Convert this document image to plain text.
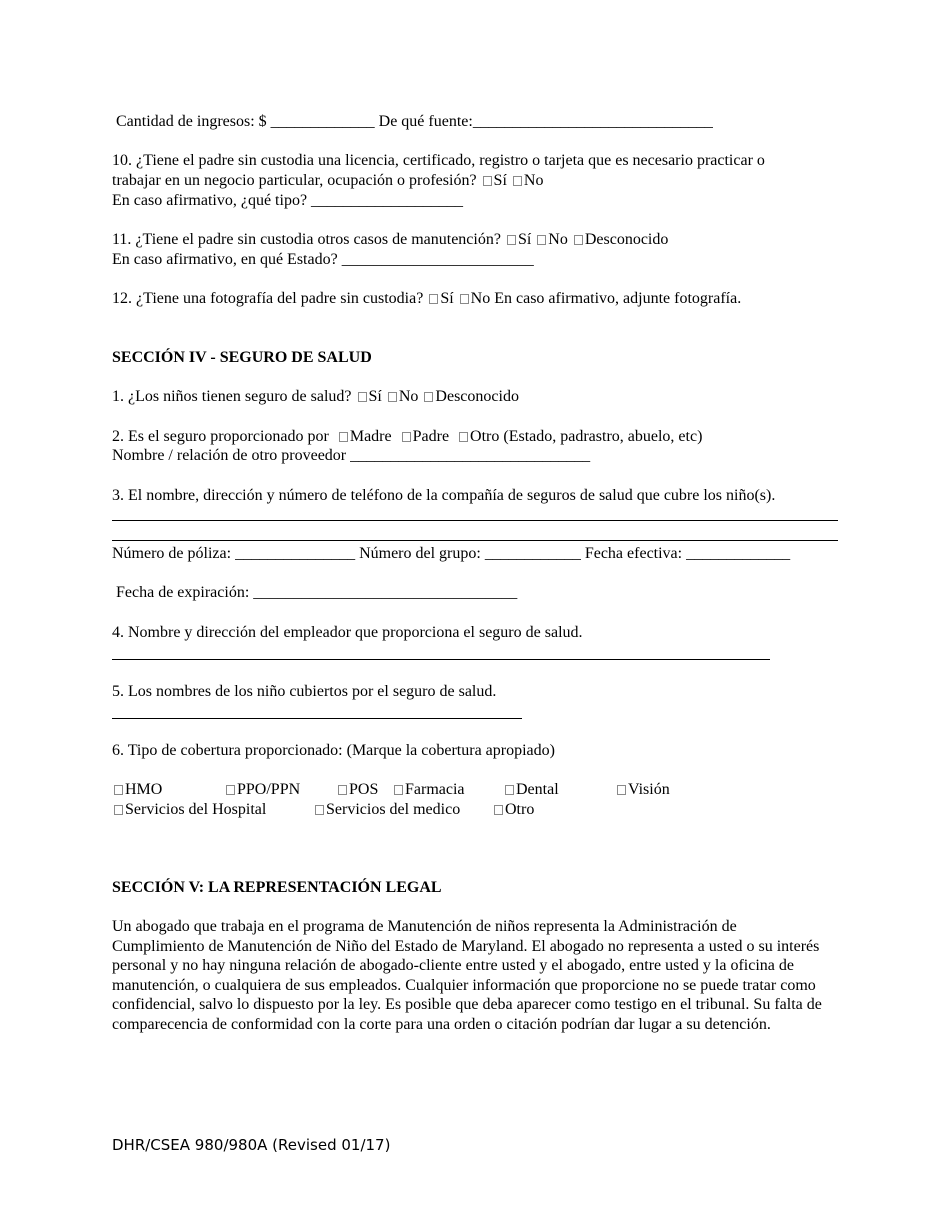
Cantidad de ingresos: $ _____________ De qué fuente:______________________________
10. ¿Tiene el padre sin custodia una licencia, certificado, registro o tarjeta que es necesario practicar o
trabajar en un negocio particular, ocupación o profesión? Sí No
En caso afirmativo, ¿qué tipo? ___________________
11. ¿Tiene el padre sin custodia otros casos de manutención? Sí No Desconocido
En caso afirmativo, en qué Estado? ________________________
12. ¿Tiene una fotografía del padre sin custodia? Sí No En caso afirmativo, adjunte fotografía.
SECCIÓN IV - SEGURO DE SALUD
1. ¿Los niños tienen seguro de salud? Sí No Desconocido
2. Es el seguro proporcionado por Madre Padre Otro (Estado, padrastro, abuelo, etc)
Nombre / relación de otro proveedor ______________________________
3. El nombre, dirección y número de teléfono de la compañía de seguros de salud que cubre los niño(s).
Número de póliza: _______________ Número del grupo: ____________ Fecha efectiva: _____________
Fecha de expiración: _________________________________
4. Nombre y dirección del empleador que proporciona el seguro de salud.
5. Los nombres de los niño cubiertos por el seguro de salud.
6. Tipo de cobertura proporcionado: (Marque la cobertura apropiado)
HMO	PPO/PPN	POS	Farmacia	Dental	Visión
Servicios del Hospital	Servicios del medico	Otro
SECCIÓN V: LA REPRESENTACIÓN LEGAL
Un abogado que trabaja en el programa de Manutención de niños representa la Administración de Cumplimiento de Manutención de Niño del Estado de Maryland. El abogado no representa a usted o su interés personal y no hay ninguna relación de abogado-cliente entre usted y el abogado, entre usted y la oficina de manutención, o cualquiera de sus empleados. Cualquier información que proporcione no se puede tratar como confidencial, salvo lo dispuesto por la ley. Es posible que deba aparecer como testigo en el tribunal. Su falta de comparecencia de conformidad con la corte para una orden o citación podrían dar lugar a su detención.
DHR/CSEA 980/980A (Revised 01/17)
